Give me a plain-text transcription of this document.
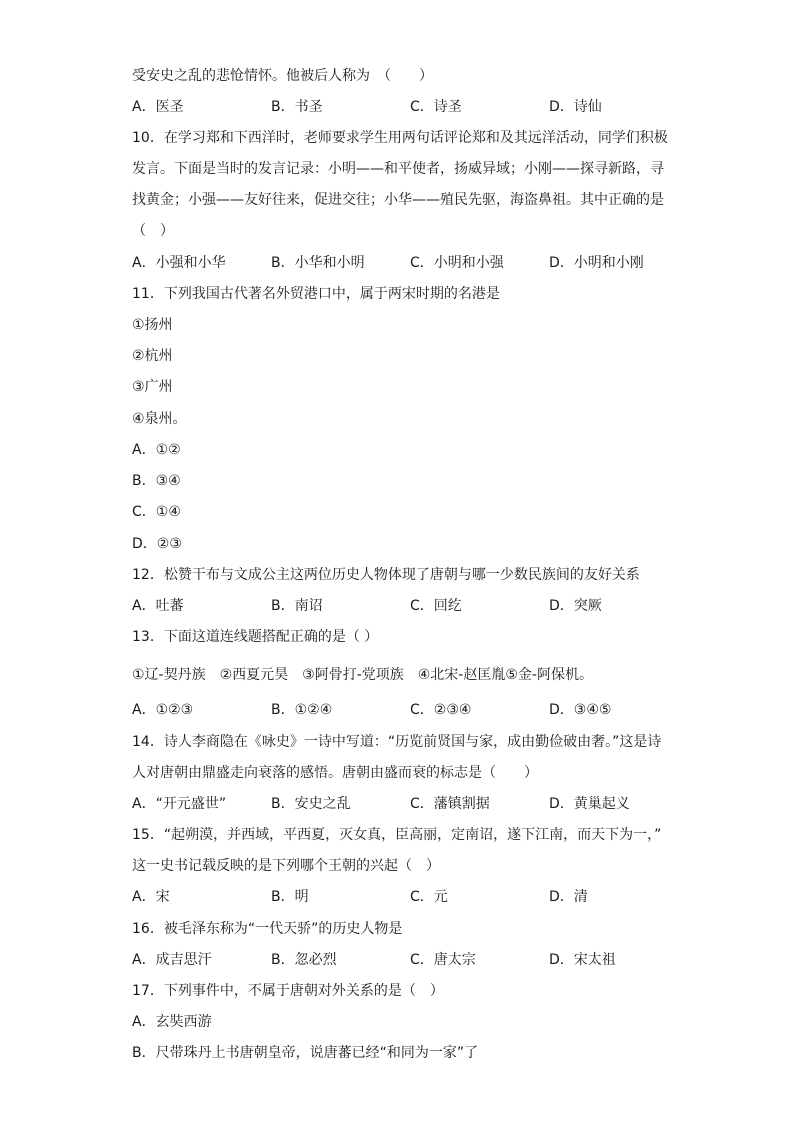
受安史之乱的悲怆情怀。他被后人称为　（　　）
A．医圣	B．书圣	C．诗圣	D．诗仙
10．在学习郑和下西洋时，老师要求学生用两句话评论郑和及其远洋活动，同学们积极
发言。下面是当时的发言记录：小明——和平使者，扬威异域；小刚——探寻新路，寻
找黄金；小强——友好往来，促进交往；小华——殖民先驱，海盗鼻祖。其中正确的是
（　）
A．小强和小华	B．小华和小明	C．小明和小强	D．小明和小刚
11．下列我国古代著名外贸港口中，属于两宋时期的名港是
①扬州
②杭州
③广州
④泉州。
A．①②
B．③④
C．①④
D．②③
12．松赞干布与文成公主这两位历史人物体现了唐朝与哪一少数民族间的友好关系
A．吐蕃	B．南诏	C．回纥	D．突厥
13．下面这道连线题搭配正确的是（ ）
①辽-契丹族　②西夏元昊　③阿骨打-党项族　④北宋-赵匡胤⑤金-阿保机。
A．①②③	B．①②④	C．②③④	D．③④⑤
14．诗人李商隐在《咏史》一诗中写道：“历览前贤国与家，成由勤俭破由奢。”这是诗
人对唐朝由鼎盛走向衰落的感悟。唐朝由盛而衰的标志是（　　）
A．“开元盛世”	B．安史之乱	C．藩镇割据	D．黄巢起义
15．“起朔漠，并西域，平西夏，灭女真，臣高丽，定南诏，遂下江南，而天下为一，”
这一史书记载反映的是下列哪个王朝的兴起（　）
A．宋	B．明	C．元	D．清
16．被毛泽东称为“一代天骄”的历史人物是
A．成吉思汗	B．忽必烈	C．唐太宗	D．宋太祖
17．下列事件中，不属于唐朝对外关系的是（　）
A．玄奘西游
B．尺带珠丹上书唐朝皇帝，说唐蕃已经“和同为一家”了
